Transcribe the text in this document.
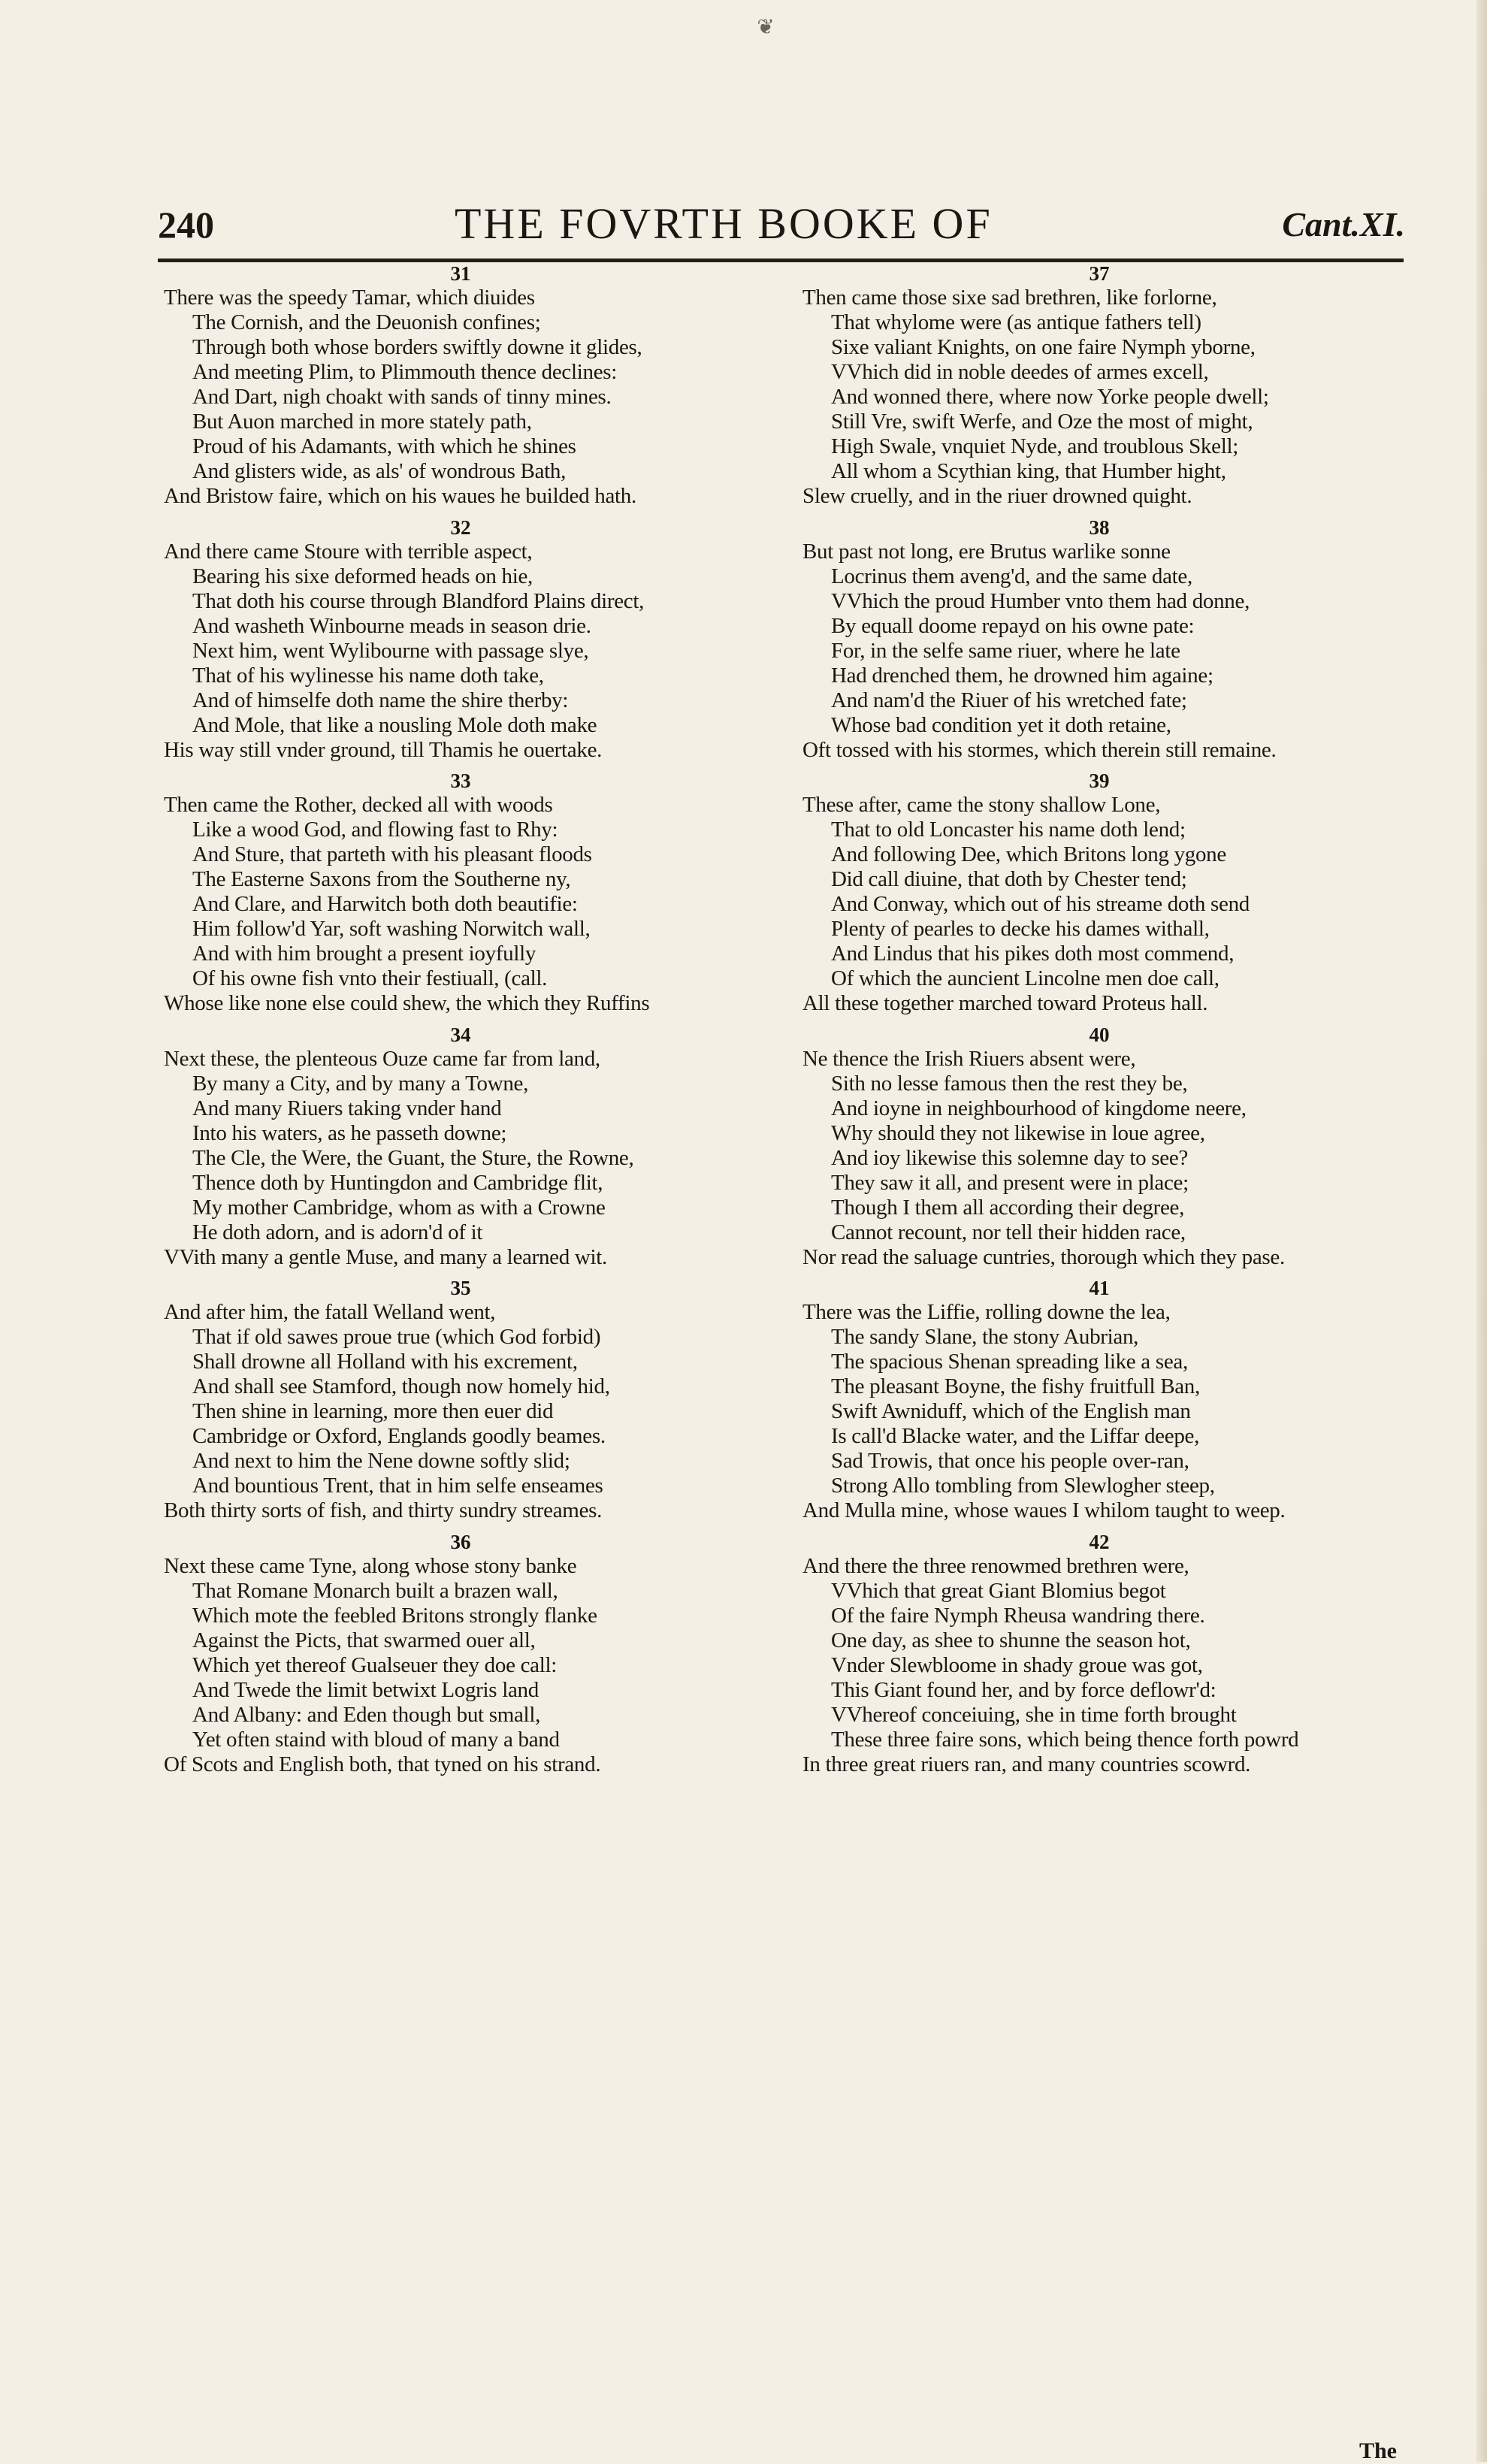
❦
240	THE FOVRTH BOOKE OF	Cant.XI.
31
There was the speedy Tamar, which diuides
The Cornish, and the Deuonish confines;
Through both whose borders swiftly downe it glides,
And meeting Plim, to Plimmouth thence declines:
And Dart, nigh choakt with sands of tinny mines.
But Auon marched in more stately path,
Proud of his Adamants, with which he shines
And glisters wide, as als' of wondrous Bath,
And Bristow faire, which on his waues he builded hath.
32
And there came Stoure with terrible aspect,
Bearing his sixe deformed heads on hie,
That doth his course through Blandford Plains direct,
And washeth Winbourne meads in season drie.
Next him, went Wylibourne with passage slye,
That of his wylinesse his name doth take,
And of himselfe doth name the shire therby:
And Mole, that like a nousling Mole doth make
His way still vnder ground, till Thamis he ouertake.
33
Then came the Rother, decked all with woods
Like a wood God, and flowing fast to Rhy:
And Sture, that parteth with his pleasant floods
The Easterne Saxons from the Southerne ny,
And Clare, and Harwitch both doth beautifie:
Him follow'd Yar, soft washing Norwitch wall,
And with him brought a present ioyfully
Of his owne fish vnto their festiuall, (call.
Whose like none else could shew, the which they Ruffins
34
Next these, the plenteous Ouze came far from land,
By many a City, and by many a Towne,
And many Riuers taking vnder hand
Into his waters, as he passeth downe;
The Cle, the Were, the Guant, the Sture, the Rowne,
Thence doth by Huntingdon and Cambridge flit,
My mother Cambridge, whom as with a Crowne
He doth adorn, and is adorn'd of it
VVith many a gentle Muse, and many a learned wit.
35
And after him, the fatall Welland went,
That if old sawes proue true (which God forbid)
Shall drowne all Holland with his excrement,
And shall see Stamford, though now homely hid,
Then shine in learning, more then euer did
Cambridge or Oxford, Englands goodly beames.
And next to him the Nene downe softly slid;
And bountious Trent, that in him selfe enseames
Both thirty sorts of fish, and thirty sundry streames.
36
Next these came Tyne, along whose stony banke
That Romane Monarch built a brazen wall,
Which mote the feebled Britons strongly flanke
Against the Picts, that swarmed ouer all,
Which yet thereof Gualseuer they doe call:
And Twede the limit betwixt Logris land
And Albany: and Eden though but small,
Yet often staind with bloud of many a band
Of Scots and English both, that tyned on his strand.
37
Then came those sixe sad brethren, like forlorne,
That whylome were (as antique fathers tell)
Sixe valiant Knights, on one faire Nymph yborne,
VVhich did in noble deedes of armes excell,
And wonned there, where now Yorke people dwell;
Still Vre, swift Werfe, and Oze the most of might,
High Swale, vnquiet Nyde, and troublous Skell;
All whom a Scythian king, that Humber hight,
Slew cruelly, and in the riuer drowned quight.
38
But past not long, ere Brutus warlike sonne
Locrinus them aveng'd, and the same date,
VVhich the proud Humber vnto them had donne,
By equall doome repayd on his owne pate:
For, in the selfe same riuer, where he late
Had drenched them, he drowned him againe;
And nam'd the Riuer of his wretched fate;
Whose bad condition yet it doth retaine,
Oft tossed with his stormes, which therein still remaine.
39
These after, came the stony shallow Lone,
That to old Loncaster his name doth lend;
And following Dee, which Britons long ygone
Did call diuine, that doth by Chester tend;
And Conway, which out of his streame doth send
Plenty of pearles to decke his dames withall,
And Lindus that his pikes doth most commend,
Of which the auncient Lincolne men doe call,
All these together marched toward Proteus hall.
40
Ne thence the Irish Riuers absent were,
Sith no lesse famous then the rest they be,
And ioyne in neighbourhood of kingdome neere,
Why should they not likewise in loue agree,
And ioy likewise this solemne day to see?
They saw it all, and present were in place;
Though I them all according their degree,
Cannot recount, nor tell their hidden race,
Nor read the saluage cuntries, thorough which they pase.
41
There was the Liffie, rolling downe the lea,
The sandy Slane, the stony Aubrian,
The spacious Shenan spreading like a sea,
The pleasant Boyne, the fishy fruitfull Ban,
Swift Awniduff, which of the English man
Is call'd Blacke water, and the Liffar deepe,
Sad Trowis, that once his people over-ran,
Strong Allo tombling from Slewlogher steep,
And Mulla mine, whose waues I whilom taught to weep.
42
And there the three renowmed brethren were,
VVhich that great Giant Blomius begot
Of the faire Nymph Rheusa wandring there.
One day, as shee to shunne the season hot,
Vnder Slewbloome in shady groue was got,
This Giant found her, and by force deflowr'd:
VVhereof conceiuing, she in time forth brought
These three faire sons, which being thence forth powrd
In three great riuers ran, and many countries scowrd.
The
